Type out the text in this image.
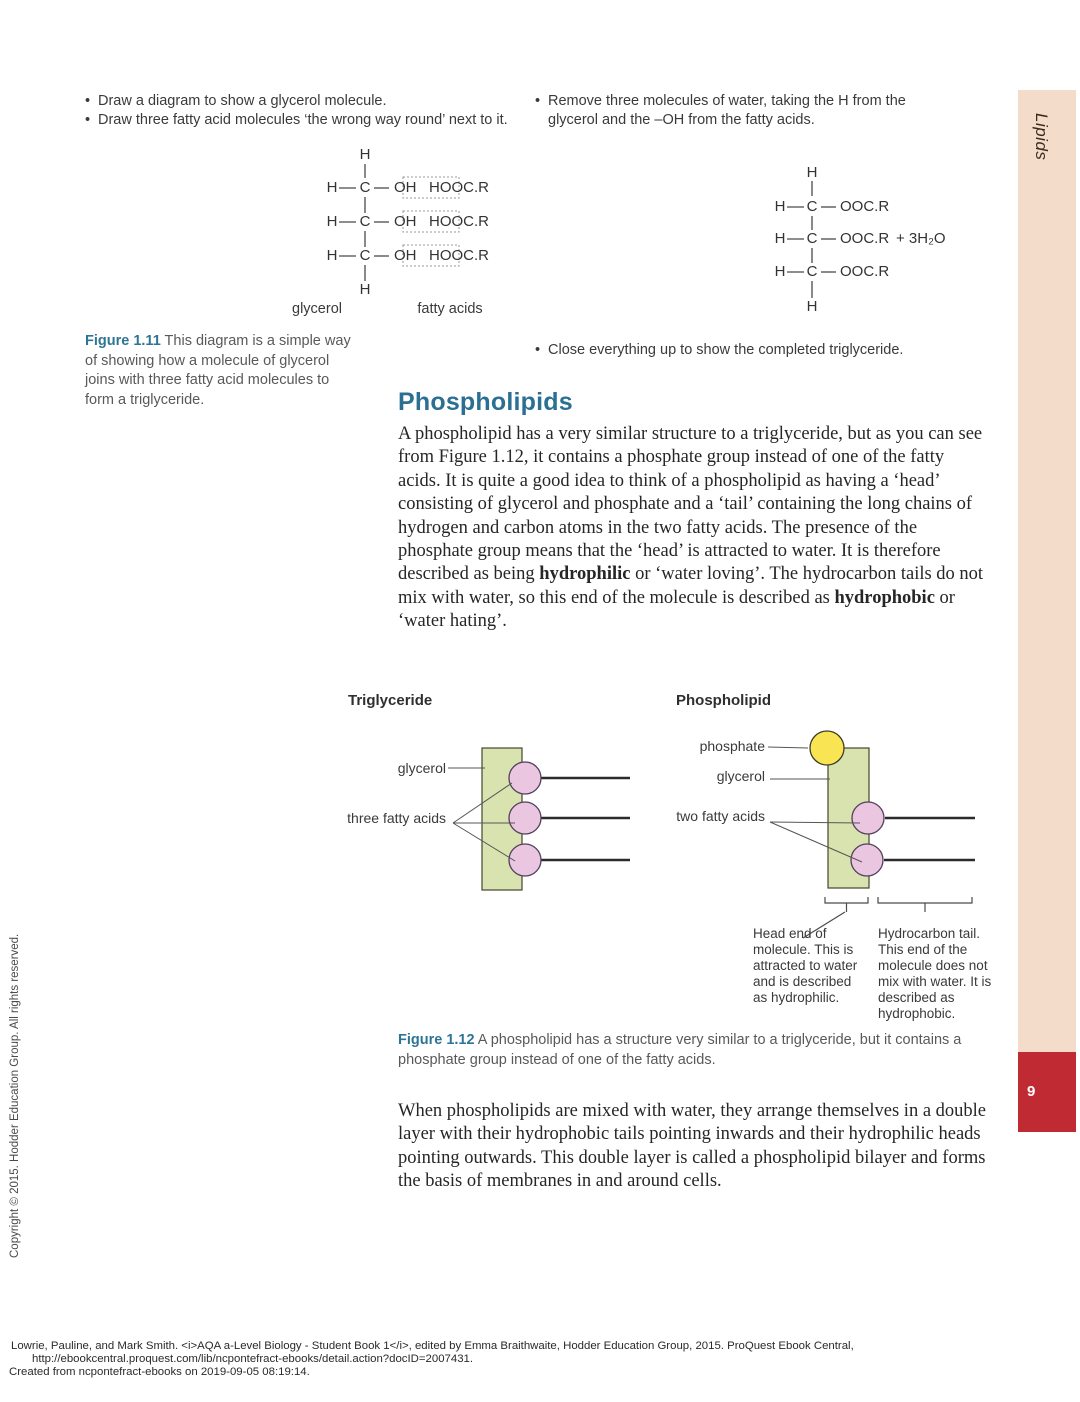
• Draw a diagram to show a glycerol molecule.
• Draw three fatty acid molecules ‘the wrong way round’ next to it.
• Remove three molecules of water, taking the H from the glycerol and the –OH from the fatty acids.
H
H
H C OH HOOC.R
H C OH HOOC.R
H C OH HOOC.R
glycerol	fatty acids
H
H
H C OOC.R
H C OOC.R + 3H₂O
H C OOC.R
Figure 1.11 This diagram is a simple way of showing how a molecule of glycerol joins with three fatty acid molecules to form a triglyceride.
• Close everything up to show the completed triglyceride.
Phospholipids
A phospholipid has a very similar structure to a triglyceride, but as you can see from Figure 1.12, it contains a phosphate group instead of one of the fatty acids. It is quite a good idea to think of a phospholipid as having a ‘head’ consisting of glycerol and phosphate and a ‘tail’ containing the long chains of hydrogen and carbon atoms in the two fatty acids. The presence of the phosphate group means that the ‘head’ is attracted to water. It is therefore described as being hydrophilic or ‘water loving’. The hydrocarbon tails do not mix with water, so this end of the molecule is described as hydrophobic or ‘water hating’.
Triglyceride	Phospholipid
glycerol
three fatty acids
phosphate
glycerol
two fatty acids
Head end of molecule. This is attracted to water and is described as hydrophilic.
Hydrocarbon tail. This end of the molecule does not mix with water. It is described as hydrophobic.
Figure 1.12 A phospholipid has a structure very similar to a triglyceride, but it contains a phosphate group instead of one of the fatty acids.
When phospholipids are mixed with water, they arrange themselves in a double layer with their hydrophobic tails pointing inwards and their hydrophilic heads pointing outwards. This double layer is called a phospholipid bilayer and forms the basis of membranes in and around cells.
Lipids
9
Copyright © 2015. Hodder Education Group. All rights reserved.
Lowrie, Pauline, and Mark Smith. <i>AQA a-Level Biology - Student Book 1</i>, edited by Emma Braithwaite, Hodder Education Group, 2015. ProQuest Ebook Central,
http://ebookcentral.proquest.com/lib/ncpontefract-ebooks/detail.action?docID=2007431.
Created from ncpontefract-ebooks on 2019-09-05 08:19:14.
